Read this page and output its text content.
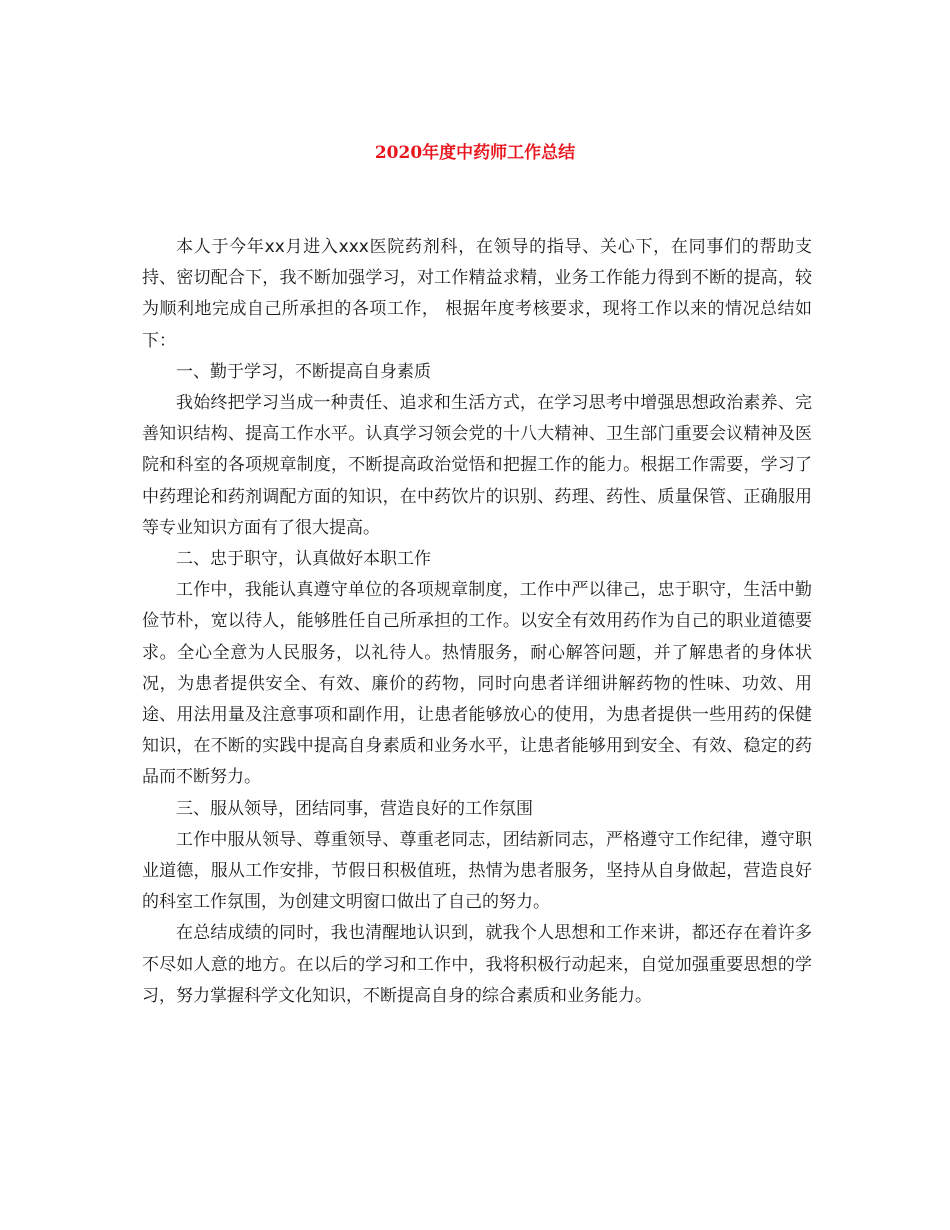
2020年度中药师工作总结

本人于今年xx月进入xxx医院药剂科，在领导的指导、关心下，在同事们的帮助支持、密切配合下，我不断加强学习，对工作精益求精，业务工作能力得到不断的提高，较为顺利地完成自己所承担的各项工作， 根据年度考核要求，现将工作以来的情况总结如下：

一、勤于学习，不断提高自身素质

我始终把学习当成一种责任、追求和生活方式，在学习思考中增强思想政治素养、完善知识结构、提高工作水平。认真学习领会党的十八大精神、卫生部门重要会议精神及医院和科室的各项规章制度，不断提高政治觉悟和把握工作的能力。根据工作需要，学习了中药理论和药剂调配方面的知识，在中药饮片的识别、药理、药性、质量保管、正确服用等专业知识方面有了很大提高。

二、忠于职守，认真做好本职工作

工作中，我能认真遵守单位的各项规章制度，工作中严以律己，忠于职守，生活中勤俭节朴，宽以待人，能够胜任自己所承担的工作。以安全有效用药作为自己的职业道德要求。全心全意为人民服务，以礼待人。热情服务，耐心解答问题，并了解患者的身体状况，为患者提供安全、有效、廉价的药物，同时向患者详细讲解药物的性味、功效、用途、用法用量及注意事项和副作用，让患者能够放心的使用，为患者提供一些用药的保健知识，在不断的实践中提高自身素质和业务水平，让患者能够用到安全、有效、稳定的药品而不断努力。

三、服从领导，团结同事，营造良好的工作氛围

工作中服从领导、尊重领导、尊重老同志，团结新同志，严格遵守工作纪律，遵守职业道德，服从工作安排，节假日积极值班，热情为患者服务，坚持从自身做起，营造良好的科室工作氛围，为创建文明窗口做出了自己的努力。

在总结成绩的同时，我也清醒地认识到，就我个人思想和工作来讲，都还存在着许多不尽如人意的地方。在以后的学习和工作中，我将积极行动起来，自觉加强重要思想的学习，努力掌握科学文化知识，不断提高自身的综合素质和业务能力。
